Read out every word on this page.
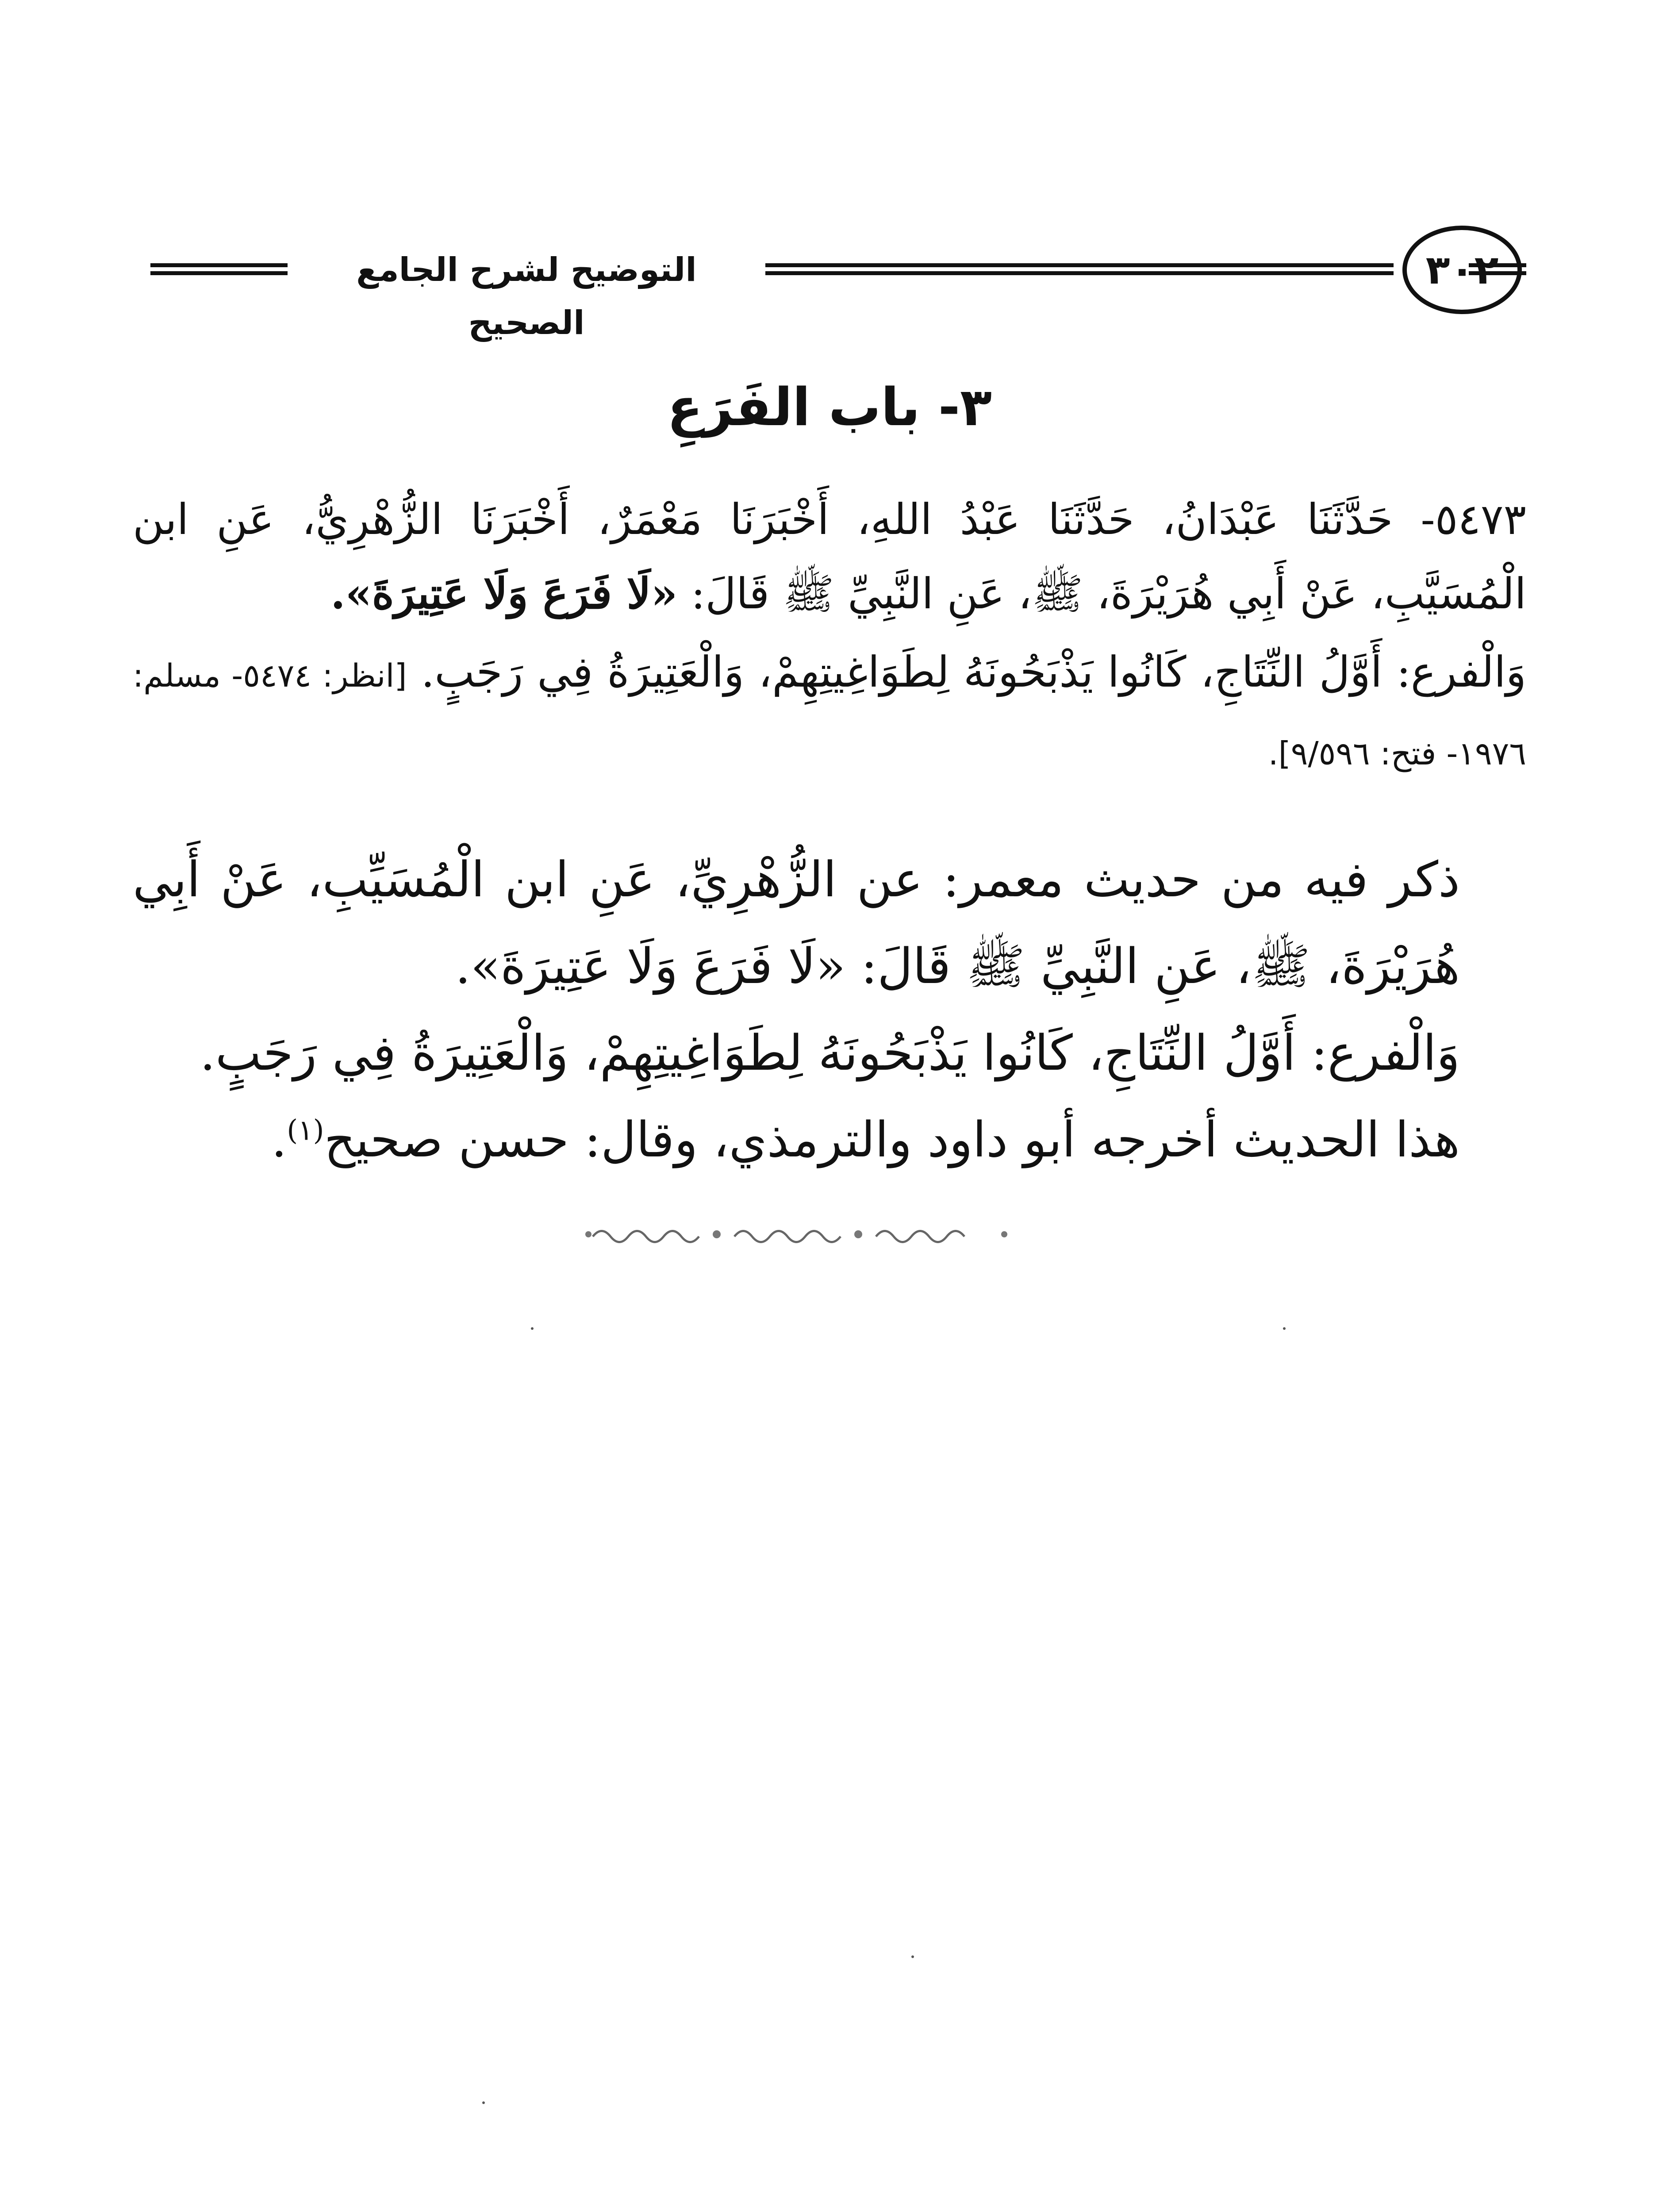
التوضيح لشرح الجامع الصحيح
٣٠٢
٣- باب الفَرَعِ

٥٤٧٣- حَدَّثَنَا عَبْدَانُ، حَدَّثَنَا عَبْدُ اللهِ، أَخْبَرَنَا مَعْمَرٌ، أَخْبَرَنَا الزُّهْرِيُّ، عَنِ ابن الْمُسَيَّبِ، عَنْ أَبِي هُرَيْرَةَ، ﷺ، عَنِ النَّبِيِّ ﷺ قَالَ: «لَا فَرَعَ وَلَا عَتِيرَةَ».

وَالْفرع: أَوَّلُ النِّتَاجِ، كَانُوا يَذْبَحُونَهُ لِطَوَاغِيتِهِمْ، وَالْعَتِيرَةُ فِي رَجَبٍ. [انظر: ٥٤٧٤- مسلم: ١٩٧٦- فتح: ٩/٥٩٦].

ذكر فيه من حديث معمر: عن الزُّهْرِيِّ، عَنِ ابن الْمُسَيِّبِ، عَنْ أَبِي هُرَيْرَةَ، ﷺ، عَنِ النَّبِيِّ ﷺ قَالَ: «لَا فَرَعَ وَلَا عَتِيرَةَ».

وَالْفرع: أَوَّلُ النِّتَاجِ، كَانُوا يَذْبَحُونَهُ لِطَوَاغِيتِهِمْ، وَالْعَتِيرَةُ فِي رَجَبٍ.

هذا الحديث أخرجه أبو داود والترمذي، وقال: حسن صحيح$^{(١)}$.
